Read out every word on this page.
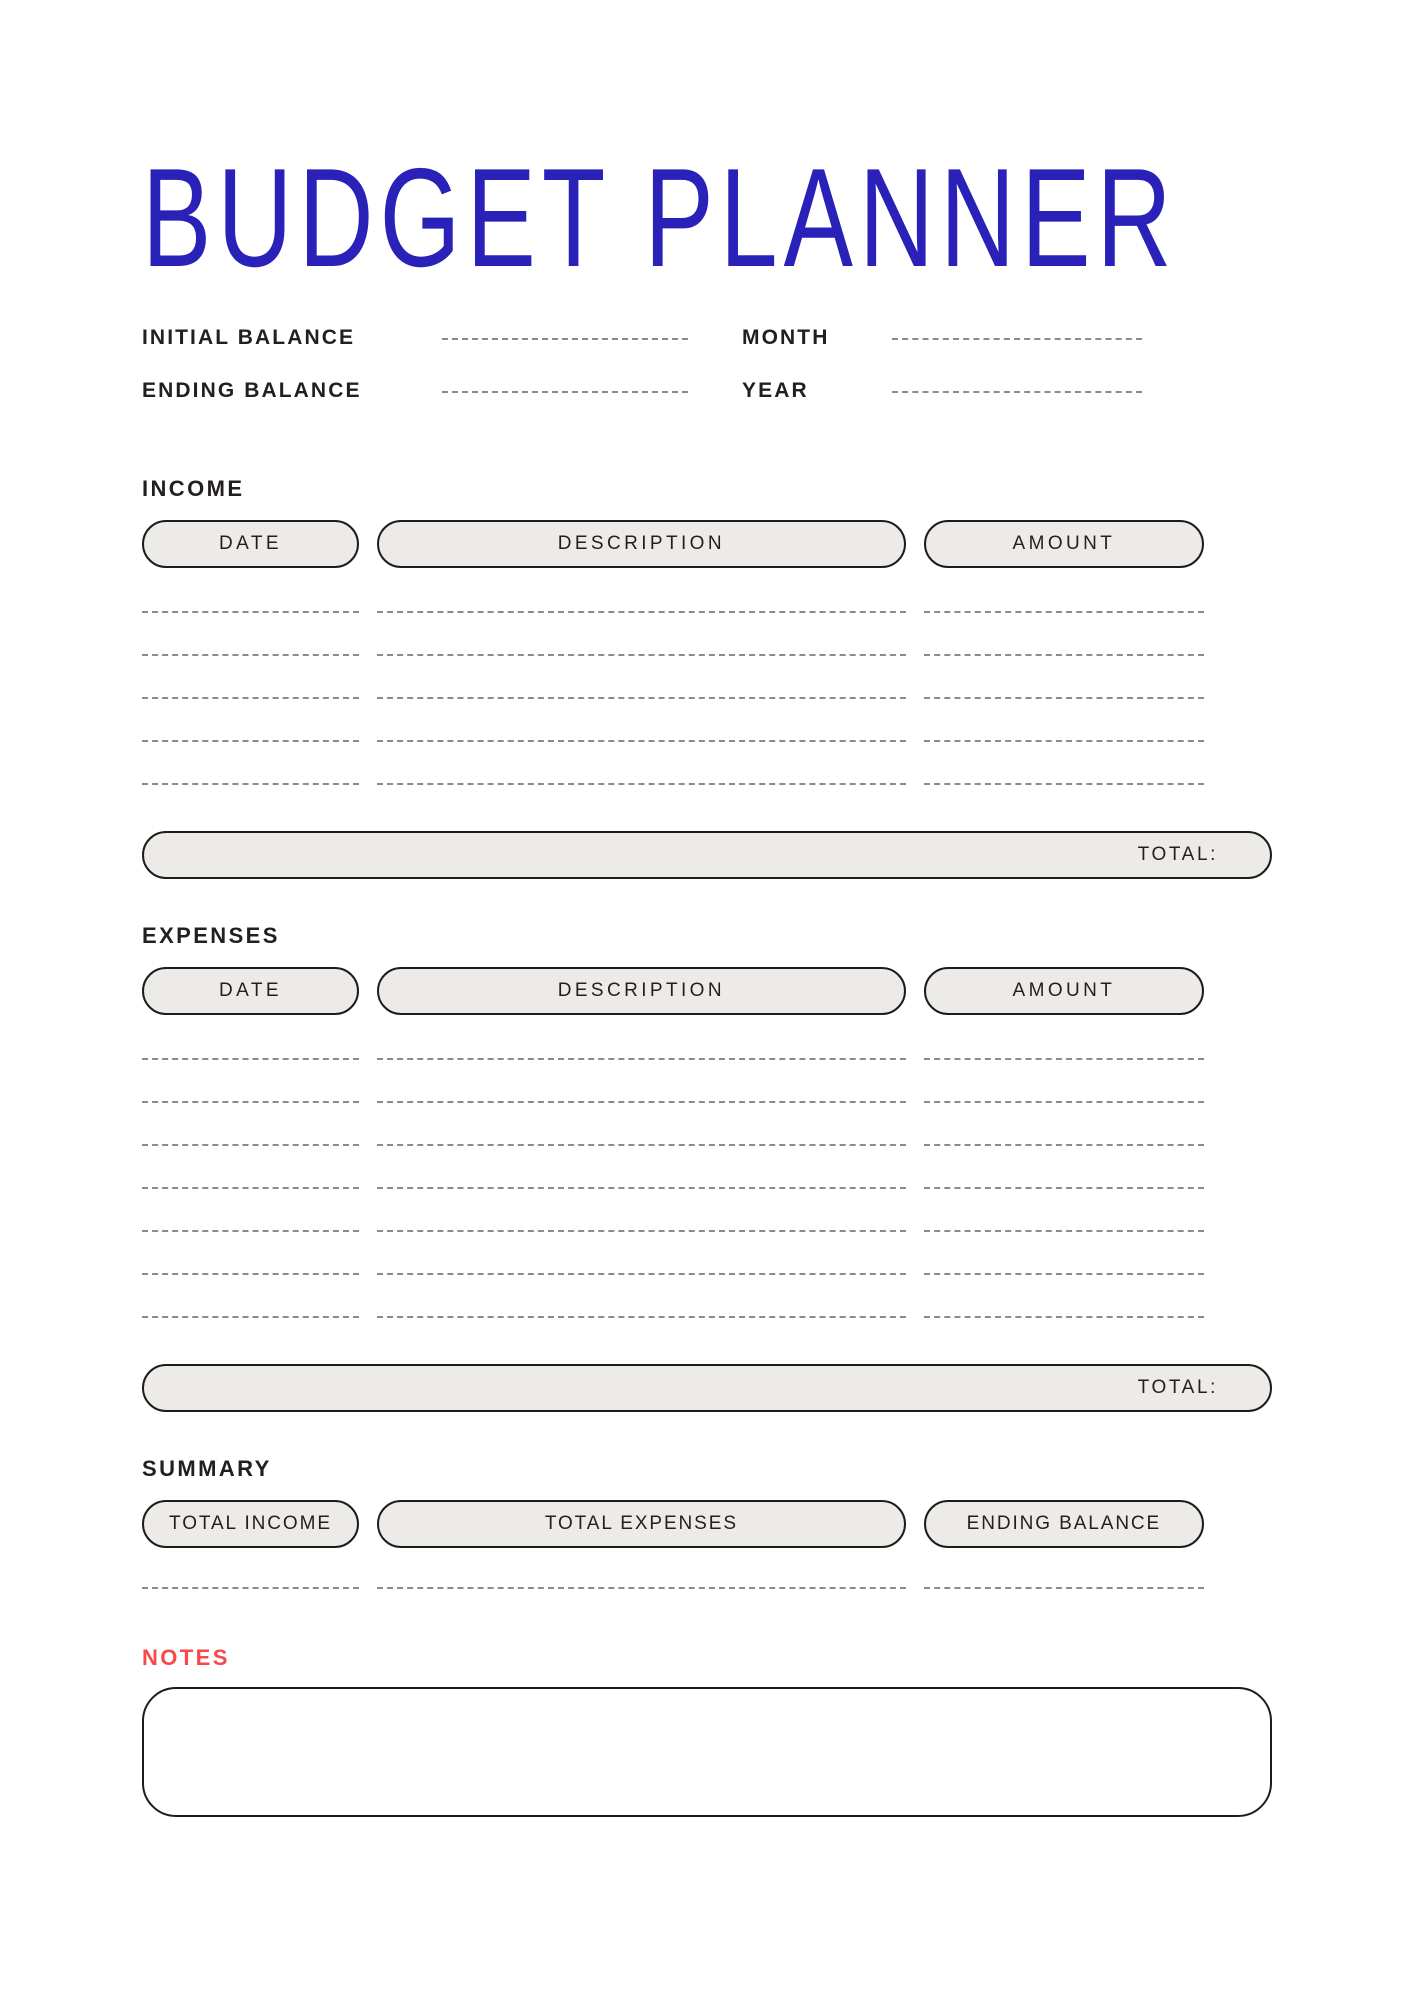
BUDGET PLANNER
INITIAL BALANCE
ENDING BALANCE
MONTH
YEAR
INCOME
DATE	DESCRIPTION	AMOUNT
TOTAL:
EXPENSES
DATE	DESCRIPTION	AMOUNT
TOTAL:
SUMMARY
TOTAL INCOME	TOTAL EXPENSES	ENDING BALANCE
NOTES
